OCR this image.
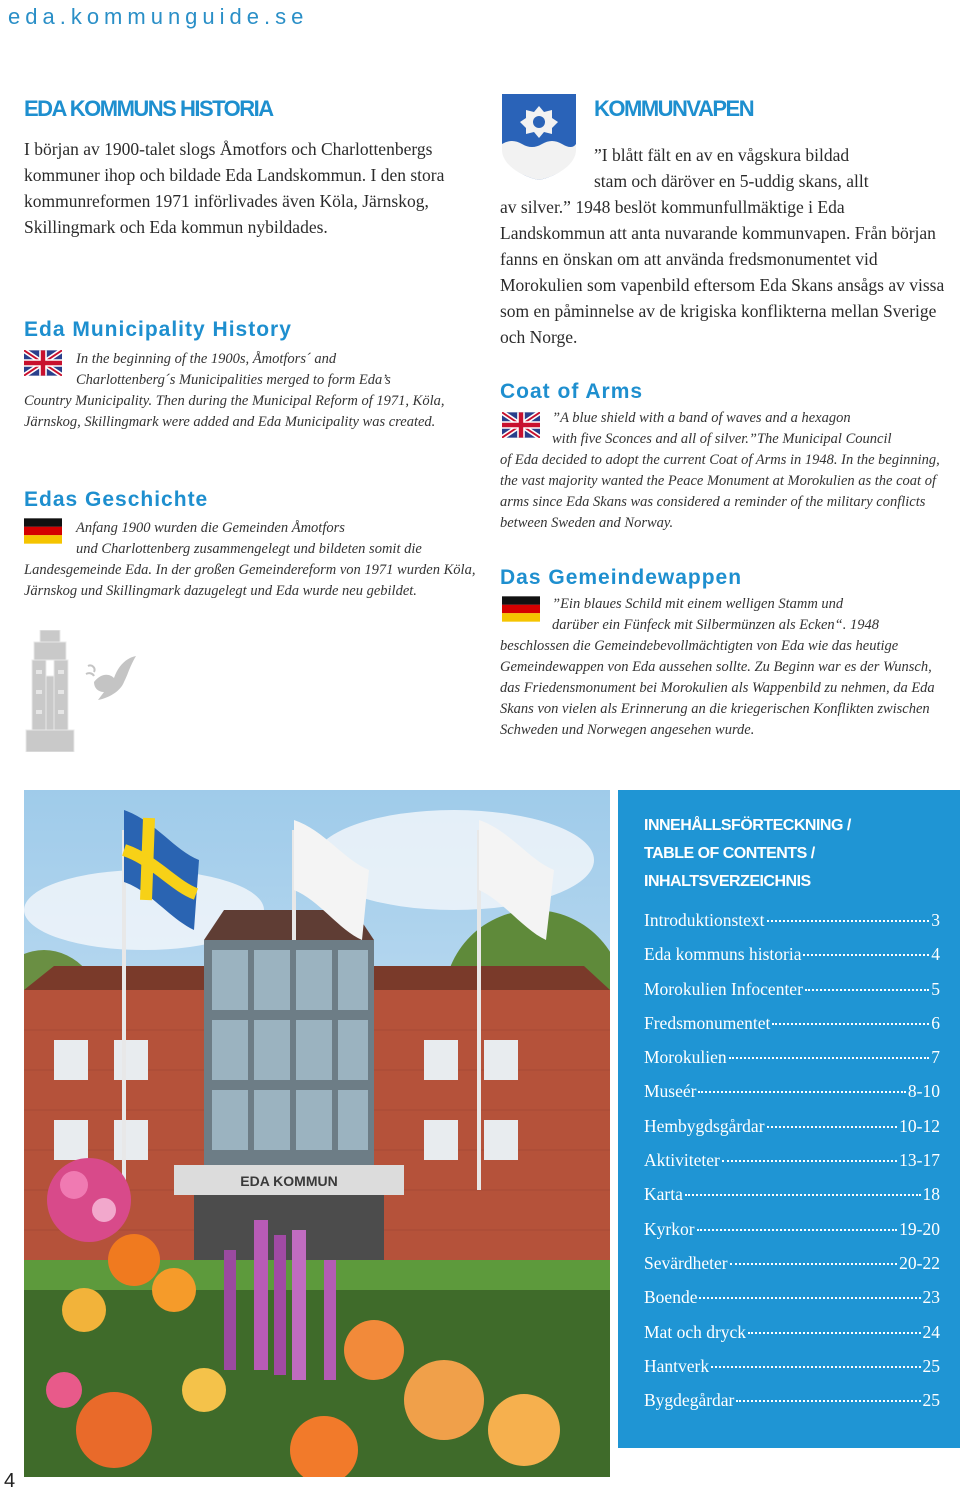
eda.kommunguide.se
EDA KOMMUNS HISTORIA

I början av 1900-talet slogs Åmotfors och Charlottenbergs kommuner ihop och bildade Eda Landskommun. I den stora kommunreformen 1971 införlivades även Köla, Järnskog, Skillingmark och Eda kommun nybildades.

Eda Municipality History

In the beginning of the 1900s, Åmotfors´ and
Charlottenberg´s Municipalities merged to form Eda’s
Country Municipality. Then during the Municipal Reform of 1971, Köla, Järnskog, Skillingmark were added and Eda Municipality was created.

Edas Geschichte

Anfang 1900 wurden die Gemeinden Åmotfors
und Charlottenberg zusammengelegt und bildeten somit die
Landesgemeinde Eda. In der großen Gemeindereform von 1971 wurden Köla, Järnskog und Skillingmark dazugelegt und Eda wurde neu gebildet.

KOMMUNVAPEN

”I blått fält en av en vågskura bildad
stam och däröver en 5-uddig skans, allt
av silver.” 1948 beslöt kommunfullmäktige i Eda Landskommun att anta nuvarande kommunvapen. Från början fanns en önskan om att använda fredsmonumentet vid Morokulien som vapenbild eftersom Eda Skans ansågs av vissa som en påminnelse av de krigiska konflikterna mellan Sverige och Norge.

Coat of Arms

”A blue shield with a band of waves and a hexagon
with five Sconces and all of silver.”The Municipal Council
of Eda decided to adopt the current Coat of Arms in 1948. In the beginning, the vast majority wanted the Peace Monument at Morokulien as the coat of arms since Eda Skans was considered a reminder of the military conflicts between Sweden and Norway.

Das Gemeindewappen

”Ein blaues Schild mit einem welligen Stamm und
darüber ein Fünfeck mit Silbermünzen als Ecken“. 1948
beschlossen die Gemeindebevollmächtigten von Eda wie das heutige Gemeindewappen von Eda aussehen sollte. Zu Beginn war es der Wunsch, das Friedensmonument bei Morokulien als Wappenbild zu nehmen, da Eda Skans von vielen als Erinnerung an die kriegerischen Konflikten zwischen Schweden und Norwegen angesehen wurde.

EDA KOMMUN
INNEHÅLLSFÖRTECKNING /
TABLE OF CONTENTS /
INHALTSVERZEICHNIS
Introduktionstext	3
Eda kommuns historia	4
Morokulien Infocenter	5
Fredsmonumentet	6
Morokulien	7
Museér	8-10
Hembygdsgårdar	10-12
Aktiviteter	13-17
Karta	18
Kyrkor	19-20
Sevärdheter	20-22
Boende	23
Mat och dryck	24
Hantverk	25
Bygdegårdar	25
4
